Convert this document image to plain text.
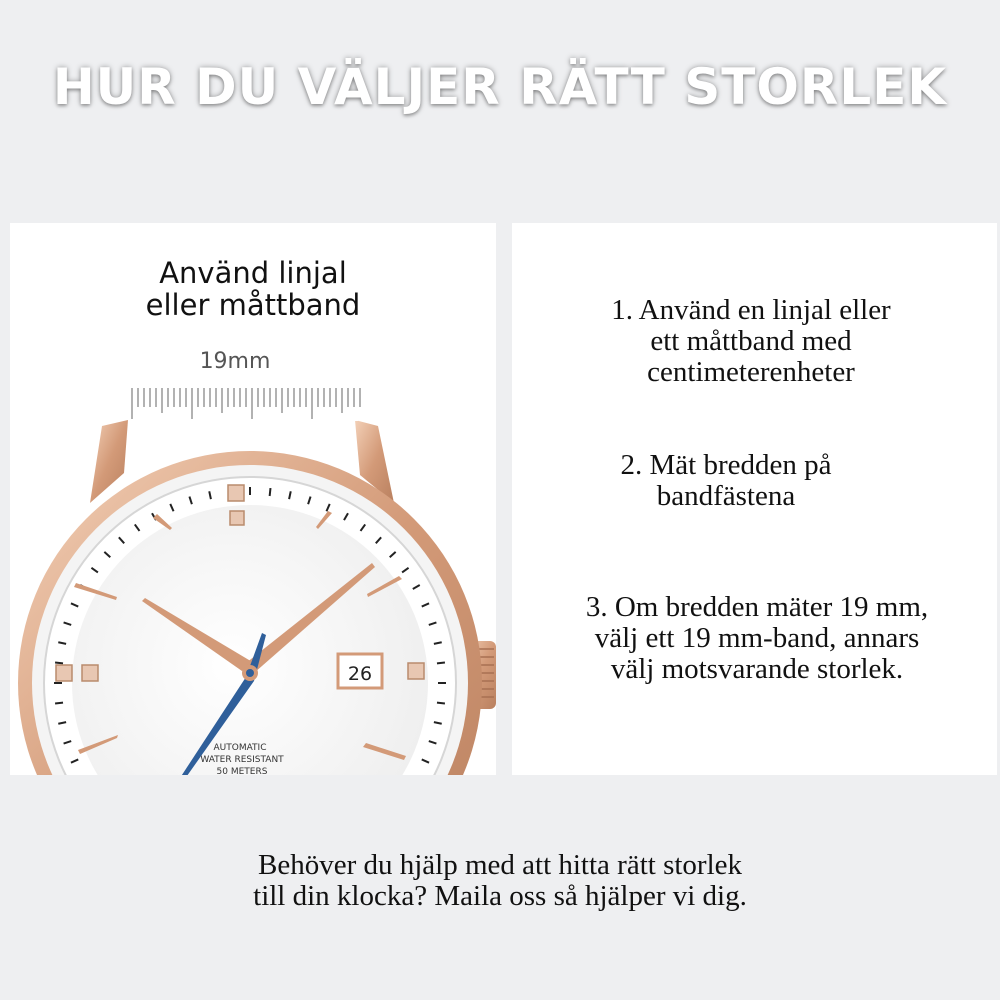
HUR DU VÄLJER RÄTT STORLEK
Använd linjal
eller måttband
19mm
26
AUTOMATIC
WATER RESISTANT
50 METERS
1. Använd en linjal eller
ett måttband med
centimeterenheter
2. Mät bredden på
bandfästena
3. Om bredden mäter 19 mm,
välj ett 19 mm-band, annars
välj motsvarande storlek.
Behöver du hjälp med att hitta rätt storlek
till din klocka? Maila oss så hjälper vi dig.
